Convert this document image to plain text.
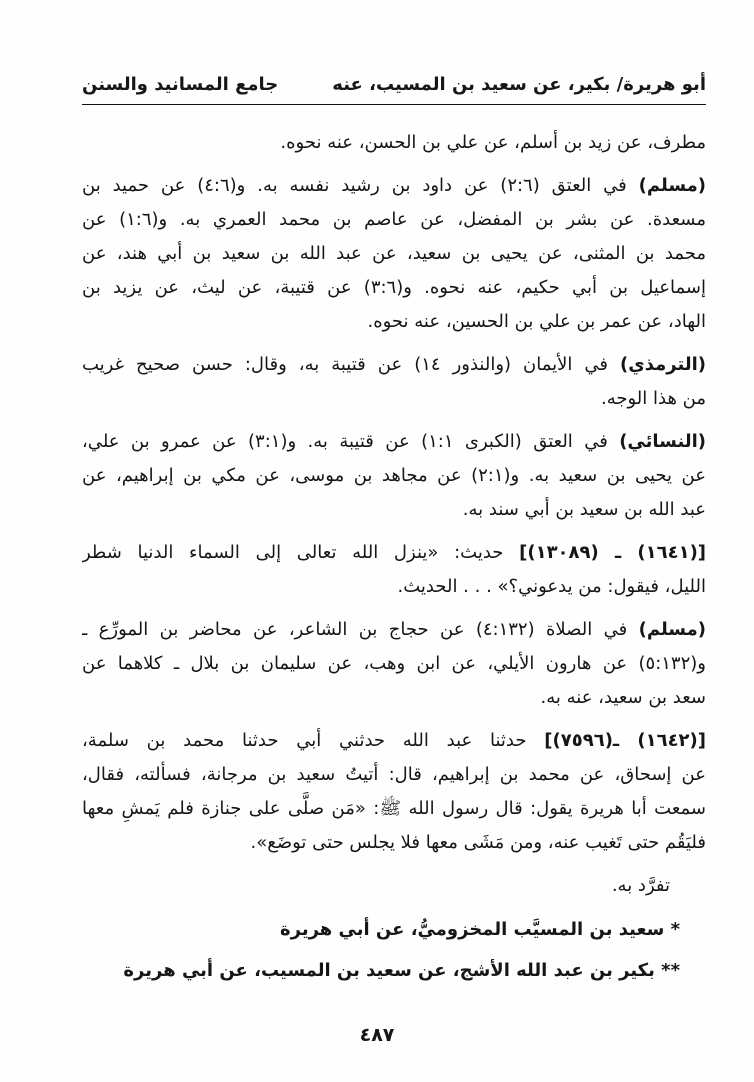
أبو هريرة/ بكير، عن سعيد بن المسيب، عنه
جامع المسانيد والسنن
مطرف، عن زيد بن أسلم، عن علي بن الحسن، عنه نحوه.
(مسلم) في العتق (٢:٦) عن داود بن رشيد نفسه به. و(٤:٦) عن حميد بن
مسعدة. عن بشر بن المفضل، عن عاصم بن محمد العمري به. و(١:٦) عن
محمد بن المثنى، عن يحيى بن سعيد، عن عبد الله بن سعيد بن أبي هند، عن
إسماعيل بن أبي حكيم، عنه نحوه. و(٣:٦) عن قتيبة، عن ليث، عن يزيد بن
الهاد، عن عمر بن علي بن الحسين، عنه نحوه.
(الترمذي) في الأيمان (والنذور ١٤) عن قتيبة به، وقال: حسن صحيح غريب
من هذا الوجه.
(النسائي) في العتق (الكبرى ١:١) عن قتيبة به. و(٣:١) عن عمرو بن علي،
عن يحيى بن سعيد به. و(٢:١) عن مجاهد بن موسى، عن مكي بن إبراهيم، عن
عبد الله بن سعيد بن أبي سند به.
[(١٦٤١) ـ (١٣٠٨٩)] حديث: «ينزل الله تعالى إلى السماء الدنيا شطر
الليل، فيقول: من يدعوني؟» . . . الحديث.
(مسلم) في الصلاة (٤:١٣٢) عن حجاج بن الشاعر، عن محاضر بن المورِّع ـ
و(٥:١٣٢) عن هارون الأيلي، عن ابن وهب، عن سليمان بن بلال ـ كلاهما عن
سعد بن سعيد، عنه به.
[(١٦٤٢) ـ(٧٥٩٦)] حدثنا عبد الله حدثني أبي حدثنا محمد بن سلمة،
عن إسحاق، عن محمد بن إبراهيم، قال: أتيتُ سعيد بن مرجانة، فسألته، فقال،
سمعت أبا هريرة يقول: قال رسول الله ﷺ: «مَن صلَّى على جنازة فلم يَمشِ معها
فليَقُم حتى تَغيب عنه، ومن مَشَى معها فلا يجلس حتى توضَع».
تفرَّد به.
* سعيد بن المسيَّب المخزوميُّ، عن أبي هريرة
** بكير بن عبد الله الأشج، عن سعيد بن المسيب، عن أبي هريرة
٤٨٧
